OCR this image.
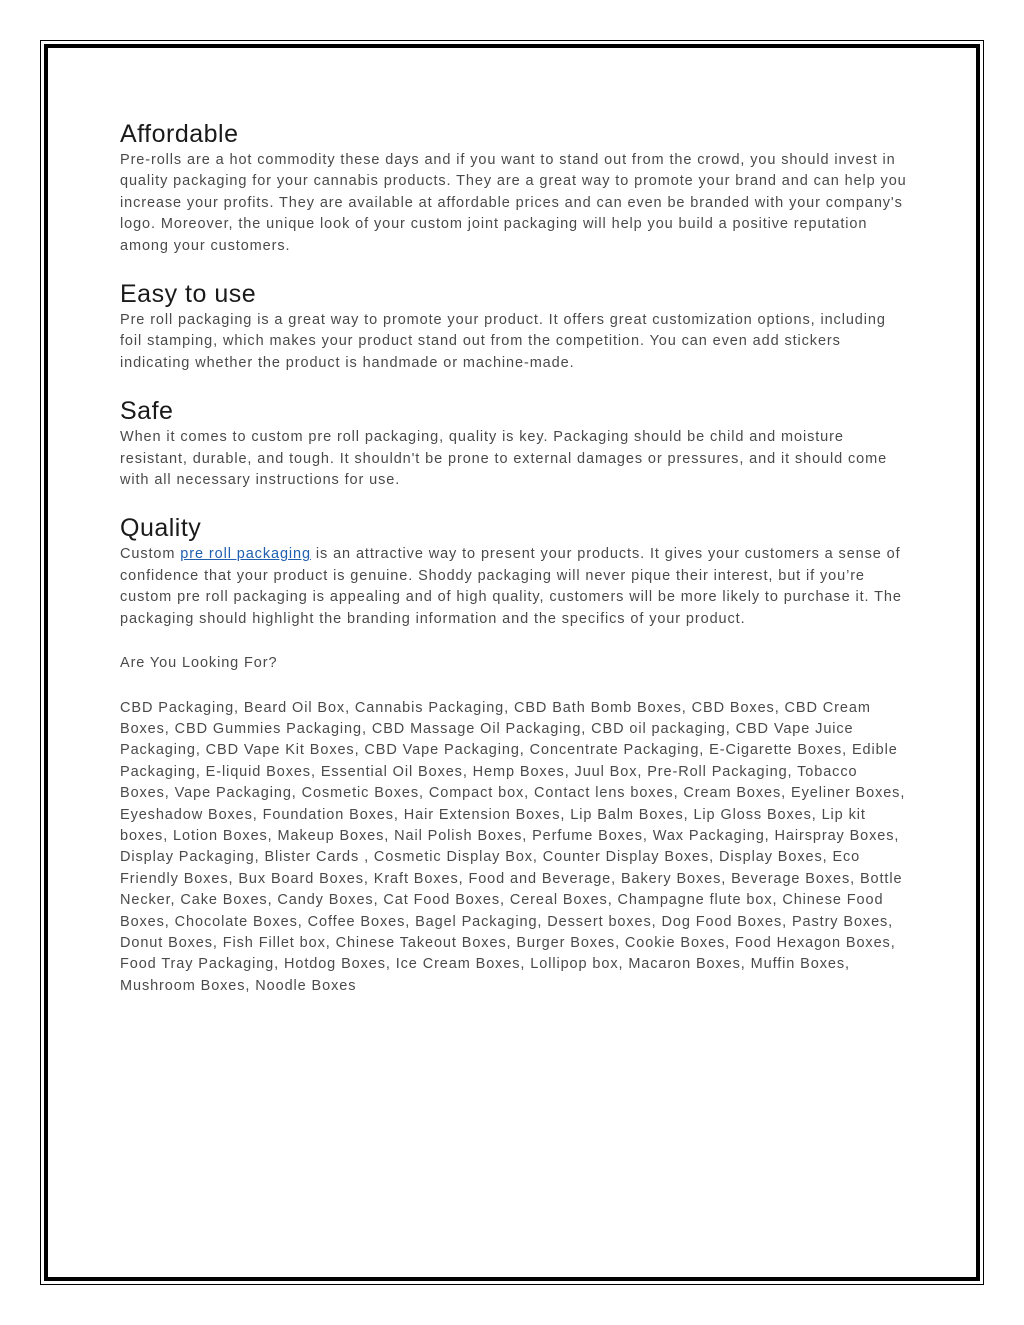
Affordable

Pre-rolls are a hot commodity these days and if you want to stand out from the crowd, you should invest in quality packaging for your cannabis products. They are a great way to promote your brand and can help you increase your profits. They are available at affordable prices and can even be branded with your company's logo. Moreover, the unique look of your custom joint packaging will help you build a positive reputation among your customers.

Easy to use

Pre roll packaging is a great way to promote your product. It offers great customization options, including foil stamping, which makes your product stand out from the competition. You can even add stickers indicating whether the product is handmade or machine-made.

Safe

When it comes to custom pre roll packaging, quality is key. Packaging should be child and moisture resistant, durable, and tough. It shouldn't be prone to external damages or pressures, and it should come with all necessary instructions for use.

Quality

Custom pre roll packaging is an attractive way to present your products. It gives your customers a sense of confidence that your product is genuine. Shoddy packaging will never pique their interest, but if you’re custom pre roll packaging is appealing and of high quality, customers will be more likely to purchase it. The packaging should highlight the branding information and the specifics of your product.

Are You Looking For?

CBD Packaging, Beard Oil Box, Cannabis Packaging, CBD Bath Bomb Boxes, CBD Boxes, CBD Cream Boxes, CBD Gummies Packaging, CBD Massage Oil Packaging, CBD oil packaging, CBD Vape Juice Packaging, CBD Vape Kit Boxes, CBD Vape Packaging, Concentrate Packaging, E-Cigarette Boxes, Edible Packaging, E-liquid Boxes, Essential Oil Boxes, Hemp Boxes, Juul Box, Pre-Roll Packaging, Tobacco Boxes, Vape Packaging, Cosmetic Boxes, Compact box, Contact lens boxes, Cream Boxes, Eyeliner Boxes, Eyeshadow Boxes, Foundation Boxes, Hair Extension Boxes, Lip Balm Boxes, Lip Gloss Boxes, Lip kit boxes, Lotion Boxes, Makeup Boxes, Nail Polish Boxes, Perfume Boxes, Wax Packaging, Hairspray Boxes, Display Packaging, Blister Cards , Cosmetic Display Box, Counter Display Boxes, Display Boxes, Eco Friendly Boxes, Bux Board Boxes, Kraft Boxes, Food and Beverage, Bakery Boxes, Beverage Boxes, Bottle Necker, Cake Boxes, Candy Boxes, Cat Food Boxes, Cereal Boxes, Champagne flute box, Chinese Food Boxes, Chocolate Boxes, Coffee Boxes, Bagel Packaging, Dessert boxes, Dog Food Boxes, Pastry Boxes, Donut Boxes, Fish Fillet box, Chinese Takeout Boxes, Burger Boxes, Cookie Boxes, Food Hexagon Boxes, Food Tray Packaging, Hotdog Boxes, Ice Cream Boxes, Lollipop box, Macaron Boxes, Muffin Boxes, Mushroom Boxes, Noodle Boxes
